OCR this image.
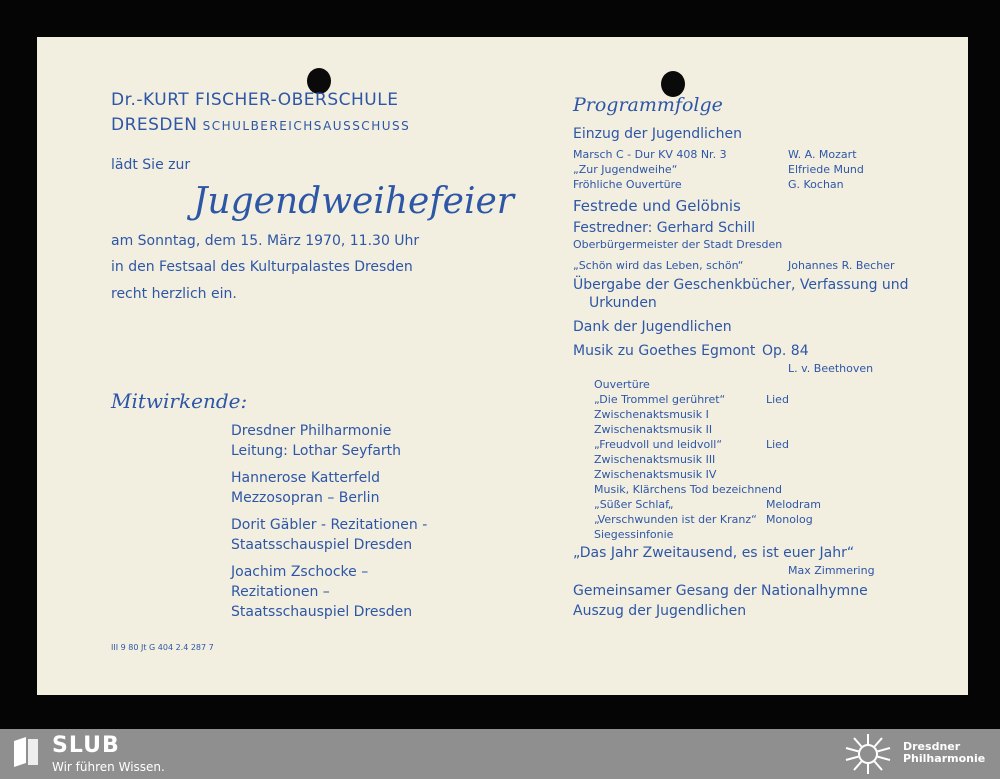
Dr.-KURT FISCHER-OBERSCHULE
DRESDEN SCHULBEREICHSAUSSCHUSS
lädt Sie zur
Jugendweihefeier
am Sonntag, dem 15. März 1970, 11.30 Uhr
in den Festsaal des Kulturpalastes Dresden
recht herzlich ein.
Mitwirkende:
Dresdner Philharmonie
Leitung: Lothar Seyfarth
Hannerose Katterfeld
Mezzosopran – Berlin
Dorit Gäbler - Rezitationen -
Staatsschauspiel Dresden
Joachim Zschocke –
Rezitationen –
Staatsschauspiel Dresden
III 9 80 Jt G 404 2.4 287 7
Programmfolge
Einzug der Jugendlichen
Marsch C - Dur KV 408 Nr. 3	W. A. Mozart
„Zur Jugendweihe“	Elfriede Mund
Fröhliche Ouvertüre	G. Kochan
Festrede und Gelöbnis
Festredner: Gerhard Schill
Oberbürgermeister der Stadt Dresden
„Schön wird das Leben, schön“	Johannes R. Becher
Übergabe der Geschenkbücher, Verfassung und
Urkunden
Dank der Jugendlichen
Musik zu Goethes Egmont Op. 84
L. v. Beethoven
Ouvertüre
„Die Trommel gerühret“	Lied
Zwischenaktsmusik I
Zwischenaktsmusik II
„Freudvoll und leidvoll“	Lied
Zwischenaktsmusik III
Zwischenaktsmusik IV
Musik, Klärchens Tod bezeichnend
„Süßer Schlaf„	Melodram
„Verschwunden ist der Kranz“ Monolog
Siegessinfonie
„Das Jahr Zweitausend, es ist euer Jahr“
Max Zimmering
Gemeinsamer Gesang der Nationalhymne
Auszug der Jugendlichen
SLUB
Wir führen Wissen.
Dresdner
Philharmonie
